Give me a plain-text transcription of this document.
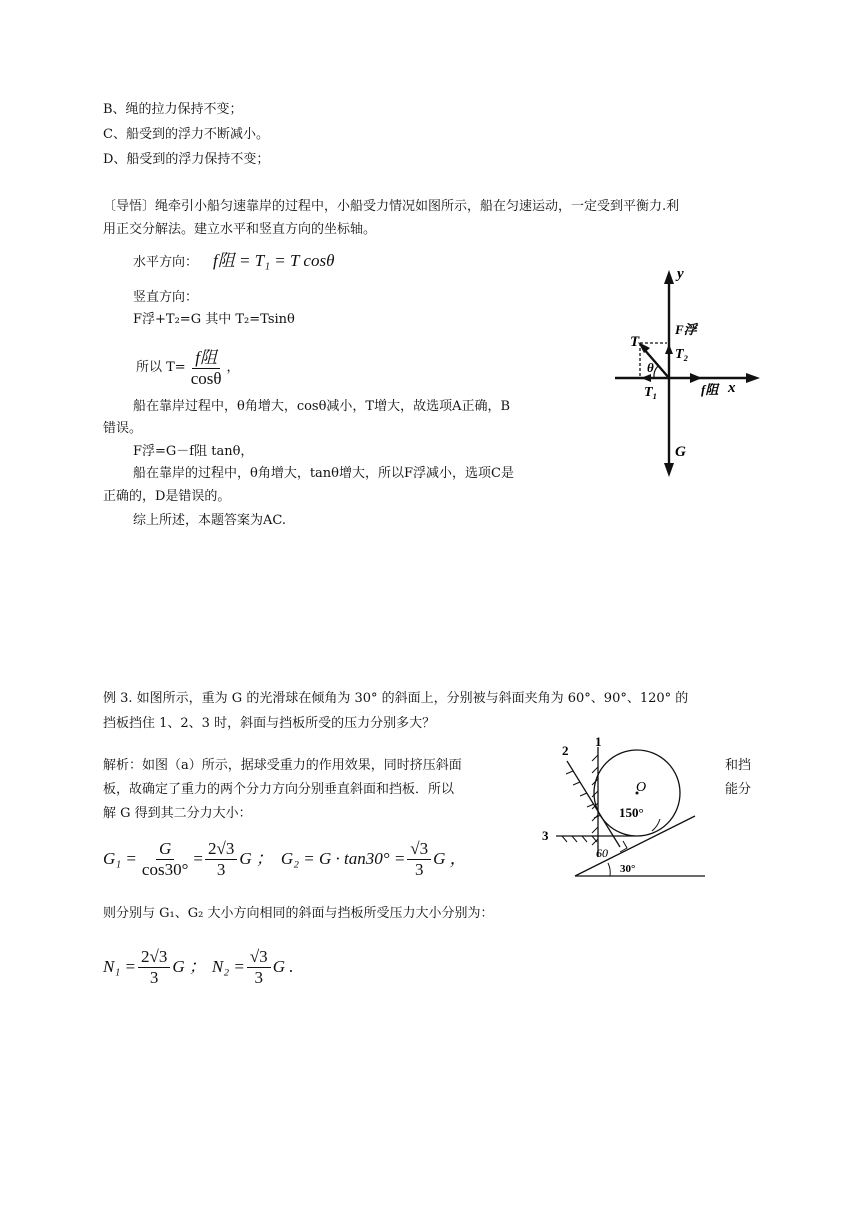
B、绳的拉力保持不变；
C、船受到的浮力不断减小。
D、船受到的浮力保持不变；
〔导悟〕绳牵引小船匀速靠岸的过程中，小船受力情况如图所示，船在匀速运动，一定受到平衡力.利
用正交分解法。建立水平和竖直方向的坐标轴。
水平方向： f阻 = T₁ = T cosθ
竖直方向：
F浮+T₂=G 其中 T₂=Tsinθ
所以 $T= \frac{\text{f阻}}{\cos\theta}$ ，
船在靠岸过程中，θ角增大，cosθ减小，T增大，故选项A正确，B
错误。
F浮=G－f阻 tanθ，
船在靠岸的过程中，θ角增大，tanθ增大，所以F浮减小，选项C是
正确的，D是错误的。
综上所述，本题答案为AC.
y
x
T
F浮
T₂
θ
T₁	f阻
G
例 3. 如图所示，重为 G 的光滑球在倾角为 30° 的斜面上，分别被与斜面夹角为 60°、90°、120° 的
挡板挡住 1、2、3 时，斜面与挡板所受的压力分别多大？
解析：如图（a）所示，据球受重力的作用效果，同时挤压斜面	和挡
板，故确定了重力的两个分力方向分别垂直斜面和挡板．所以	能分
解 G 得到其二分力大小：
$G_1 = \frac{G}{\cos 30^\circ} = \frac{2√3}{3}$ G ； $G_2 = G \cdot \tan 30^\circ = \frac{√3}{3}$ G ，
则分别与 G₁、G₂ 大小方向相同的斜面与挡板所受压力大小分别为：
$N_1 = \frac{2√3}{3}$ G ； $N_2 = \frac{√3}{3}$ G .
2
1
O
150°
3
60
30°
